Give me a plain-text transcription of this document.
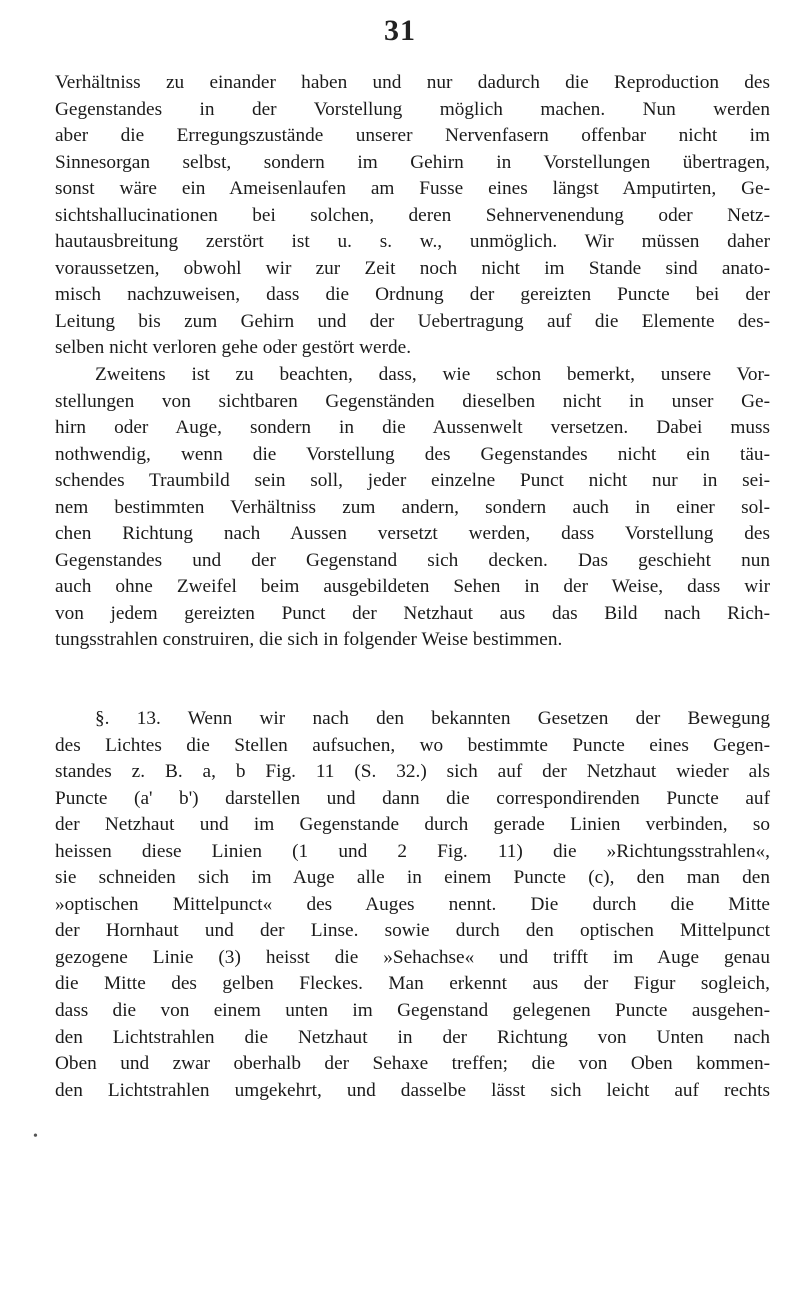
31
Verhältniss zu einander haben und nur dadurch die Reproduction des
Gegenstandes in der Vorstellung möglich machen. Nun werden
aber die Erregungszustände unserer Nervenfasern offenbar nicht im
Sinnesorgan selbst, sondern im Gehirn in Vorstellungen übertragen,
sonst wäre ein Ameisenlaufen am Fusse eines längst Amputirten, Ge-
sichtshallucinationen bei solchen, deren Sehnervenendung oder Netz-
hautausbreitung zerstört ist u. s. w., unmöglich. Wir müssen daher
voraussetzen, obwohl wir zur Zeit noch nicht im Stande sind anato-
misch nachzuweisen, dass die Ordnung der gereizten Puncte bei der
Leitung bis zum Gehirn und der Uebertragung auf die Elemente des-
selben nicht verloren gehe oder gestört werde.
Zweitens ist zu beachten, dass, wie schon bemerkt, unsere Vor-
stellungen von sichtbaren Gegenständen dieselben nicht in unser Ge-
hirn oder Auge, sondern in die Aussenwelt versetzen. Dabei muss
nothwendig, wenn die Vorstellung des Gegenstandes nicht ein täu-
schendes Traumbild sein soll, jeder einzelne Punct nicht nur in sei-
nem bestimmten Verhältniss zum andern, sondern auch in einer sol-
chen Richtung nach Aussen versetzt werden, dass Vorstellung des
Gegenstandes und der Gegenstand sich decken. Das geschieht nun
auch ohne Zweifel beim ausgebildeten Sehen in der Weise, dass wir
von jedem gereizten Punct der Netzhaut aus das Bild nach Rich-
tungsstrahlen construiren, die sich in folgender Weise bestimmen.
§. 13. Wenn wir nach den bekannten Gesetzen der Bewegung
des Lichtes die Stellen aufsuchen, wo bestimmte Puncte eines Gegen-
standes z. B. a, b Fig. 11 (S. 32.) sich auf der Netzhaut wieder als
Puncte (a' b') darstellen und dann die correspondirenden Puncte auf
der Netzhaut und im Gegenstande durch gerade Linien verbinden, so
heissen diese Linien (1 und 2 Fig. 11) die »Richtungsstrahlen«,
sie schneiden sich im Auge alle in einem Puncte (c), den man den
»optischen Mittelpunct« des Auges nennt. Die durch die Mitte
der Hornhaut und der Linse. sowie durch den optischen Mittelpunct
gezogene Linie (3) heisst die »Sehachse« und trifft im Auge genau
die Mitte des gelben Fleckes. Man erkennt aus der Figur sogleich,
dass die von einem unten im Gegenstand gelegenen Puncte ausgehen-
den Lichtstrahlen die Netzhaut in der Richtung von Unten nach
Oben und zwar oberhalb der Sehaxe treffen; die von Oben kommen-
den Lichtstrahlen umgekehrt, und dasselbe lässt sich leicht auf rechts
•
